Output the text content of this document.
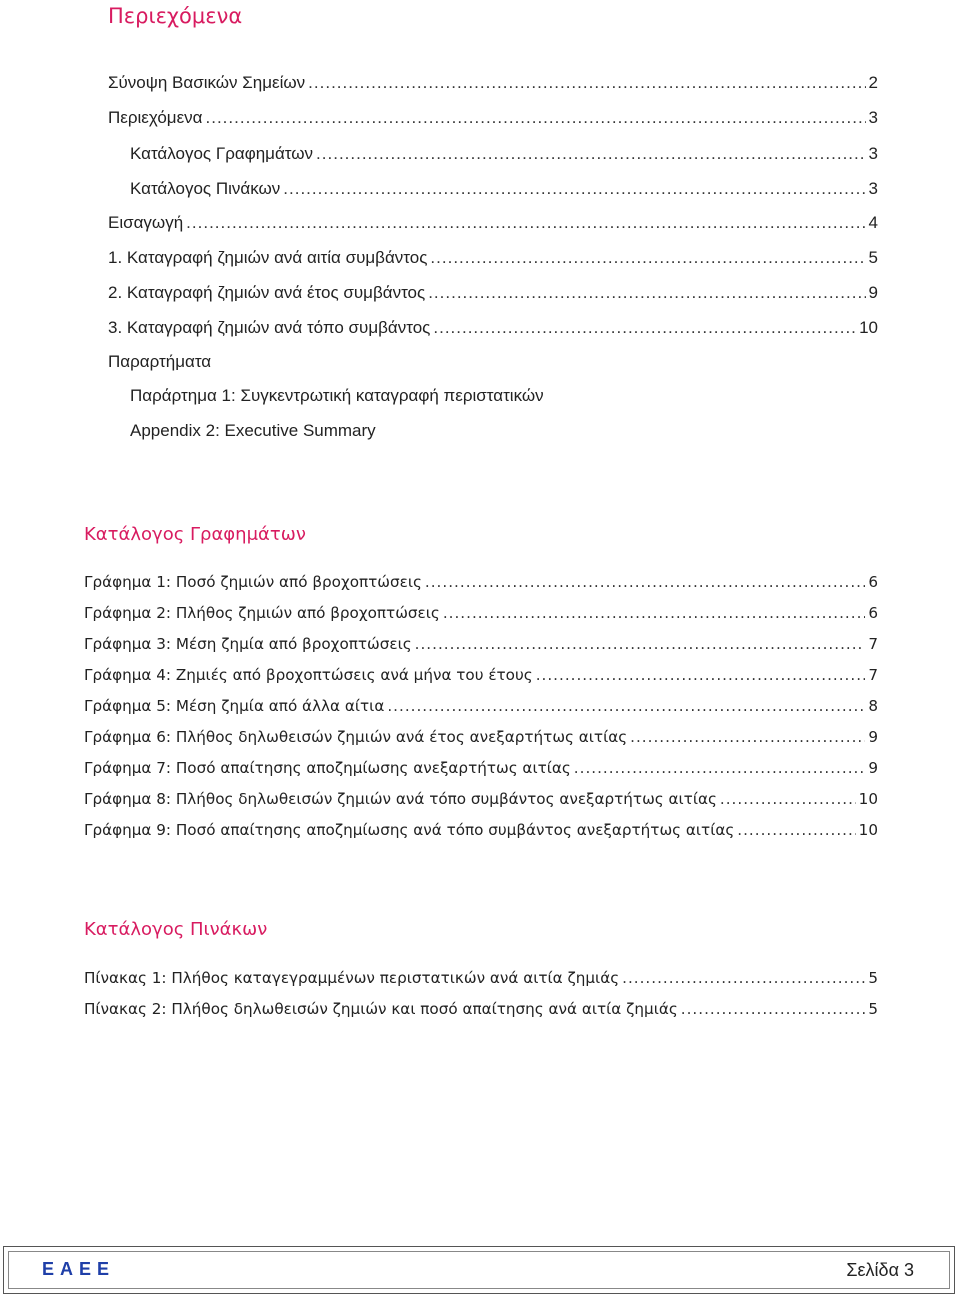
Περιεχόμενα
Σύνοψη Βασικών Σημείων .....	2
Περιεχόμενα .....	3
Κατάλογος Γραφημάτων .....	3
Κατάλογος Πινάκων .....	3
Εισαγωγή .....	4
1. Καταγραφή ζημιών ανά αιτία συμβάντος .....	5
2. Καταγραφή ζημιών ανά έτος συμβάντος .....	9
3. Καταγραφή ζημιών ανά τόπο συμβάντος .....	10
Παραρτήματα
Παράρτημα 1: Συγκεντρωτική καταγραφή περιστατικών
Appendix 2: Executive Summary
Κατάλογος Γραφημάτων
Γράφημα 1: Ποσό ζημιών από βροχοπτώσεις .....	6
Γράφημα 2: Πλήθος ζημιών από βροχοπτώσεις .....	6
Γράφημα 3: Μέση ζημία από βροχοπτώσεις .....	7
Γράφημα 4: Ζημιές από βροχοπτώσεις ανά μήνα του έτους .....	7
Γράφημα 5: Μέση ζημία από άλλα αίτια .....	8
Γράφημα 6: Πλήθος δηλωθεισών ζημιών ανά έτος ανεξαρτήτως αιτίας .....	9
Γράφημα 7: Ποσό απαίτησης αποζημίωσης ανεξαρτήτως αιτίας .....	9
Γράφημα 8: Πλήθος δηλωθεισών ζημιών ανά τόπο συμβάντος ανεξαρτήτως αιτίας .....	10
Γράφημα 9: Ποσό απαίτησης αποζημίωσης ανά τόπο συμβάντος ανεξαρτήτως αιτίας .....	10
Κατάλογος Πινάκων
Πίνακας 1: Πλήθος καταγεγραμμένων περιστατικών ανά αιτία ζημιάς .....	5
Πίνακας 2: Πλήθος δηλωθεισών ζημιών και ποσό απαίτησης ανά αιτία ζημιάς .....	5
ΕΑΕΕ	Σελίδα 3
